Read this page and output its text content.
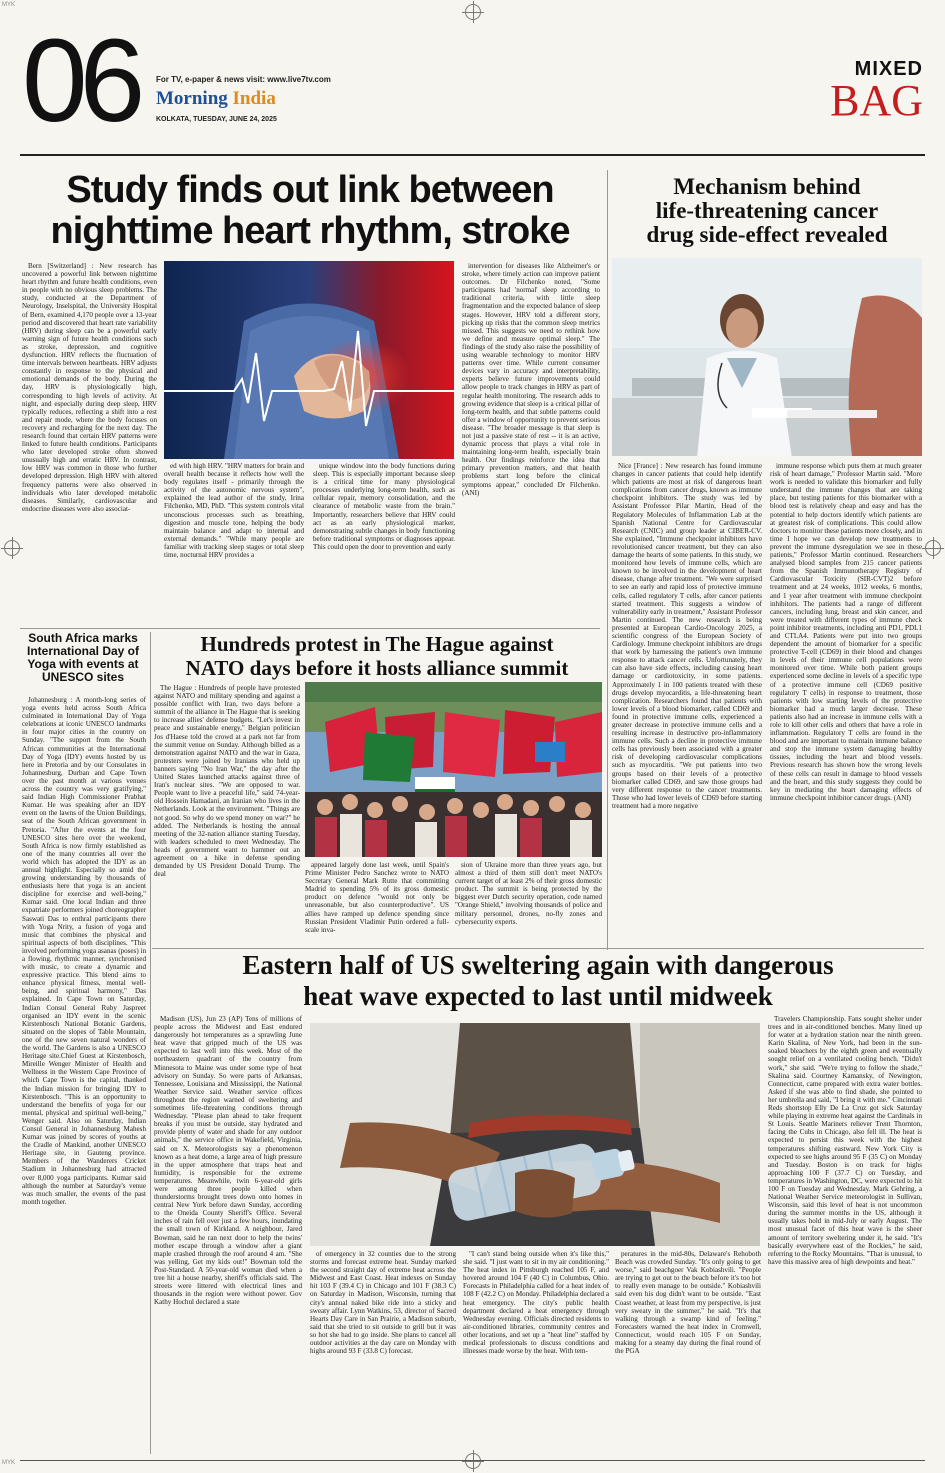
MYK
MYK
06 For TV, e-paper & news visit: www.live7tv.com
Morning India
KOLKATA, TUESDAY, JUNE 24, 2025
MIXED
BAG
Study finds out link between
nighttime heart rhythm, stroke

Bern [Switzerland] : New research has uncovered a powerful link between nighttime heart rhythm and future health conditions, even in people with no obvious sleep problems. The study, conducted at the Department of Neurology, Inselspital, the University Hospital of Bern, examined 4,170 people over a 13-year period and discovered that heart rate variability (HRV) during sleep can be a powerful early warning sign of future health conditions such as stroke, depression, and cognitive dysfunction. HRV reflects the fluctuation of time intervals between heartbeats. HRV adjusts constantly in response to the physical and emotional demands of the body. During the day, HRV is physiologically high, corresponding to high levels of activity. At night, and especially during deep sleep, HRV typically reduces, reflecting a shift into a rest and repair mode, where the body focuses on recovery and recharging for the next day. The research found that certain HRV patterns were linked to future health conditions. Participants who later developed stroke often showed unusually high and erratic HRV. In contrast, low HRV was common in those who further developed depression. High HRV with altered frequency patterns were also observed in individuals who later developed metabolic diseases. Similarly, cardiovascular and endocrine diseases were also associat-

ed with high HRV. "HRV matters for brain and overall health because it reflects how well the body regulates itself - primarily through the activity of the autonomic nervous system", explained the lead author of the study, Irina Filchenko, MD, PhD. "This system controls vital unconscious processes such as breathing, digestion and muscle tone, helping the body maintain balance and adapt to internal and external demands." "While many people are familiar with tracking sleep stages or total sleep time, nocturnal HRV provides a

unique window into the body functions during sleep. This is especially important because sleep is a critical time for many physiological processes underlying long-term health, such as cellular repair, memory consolidation, and the clearance of metabolic waste from the brain." Importantly, researchers believe that HRV could act as an early physiological marker, demonstrating subtle changes in body functioning before traditional symptoms or diagnoses appear. This could open the door to prevention and early

intervention for diseases like Alzheimer's or stroke, where timely action can improve patient outcomes. Dr Filchenko noted, "Some participants had 'normal' sleep according to traditional criteria, with little sleep fragmentation and the expected balance of sleep stages. However, HRV told a different story, picking up risks that the common sleep metrics missed. This suggests we need to rethink how we define and measure optimal sleep." The findings of the study also raise the possibility of using wearable technology to monitor HRV patterns over time. While current consumer devices vary in accuracy and interpretability, experts believe future improvements could allow people to track changes in HRV as part of regular health monitoring. The research adds to growing evidence that sleep is a critical pillar of long-term health, and that subtle patterns could offer a window of opportunity to prevent serious disease. "The broader message is that sleep is not just a passive state of rest -- it is an active, dynamic process that plays a vital role in maintaining long-term health, especially brain health. Our findings reinforce the idea that primary prevention matters, and that health problems start long before the clinical symptoms appear," concluded Dr Filchenko.(ANI)

Mechanism behind
life-threatening cancer
drug side-effect revealed

Nice [France] : New research has found immune changes in cancer patients that could help identify which patients are most at risk of dangerous heart complications from cancer drugs, known as immune checkpoint inhibitors. The study was led by Assistant Professor Pilar Martin, Head of the Regulatory Molecules of Inflammation Lab at the Spanish National Centre for Cardiovascular Research (CNIC) and group leader at CIBER-CV. She explained, "Immune checkpoint inhibitors have revolutionised cancer treatment, but they can also damage the hearts of some patients. In this study, we monitored how levels of immune cells, which are known to be involved in the development of heart disease, change after treatment. "We were surprised to see an early and rapid loss of protective immune cells, called regulatory T cells, after cancer patients started treatment. This suggests a window of vulnerability early in treatment," Assistant Professor Martin continued. The new research is being presented at European Cardio-Oncology 2025, a scientific congress of the European Society of Cardiology. Immune checkpoint inhibitors are drugs that work by harnessing the patient's own immune response to attack cancer cells. Unfortunately, they can also have side effects, including causing heart damage or cardiotoxicity, in some patients. Approximately 1 in 100 patients treated with these drugs develop myocarditis, a life-threatening heart complication. Researchers found that patients with lower levels of a blood biomarker, called CD69 and found in protective immune cells, experienced a greater decrease in protective immune cells and a resulting increase in destructive pro-inflammatory immune cells. Such a decline in protective immune cells has previously been associated with a greater risk of developing cardiovascular complications such as myocarditis. "We put patients into two groups based on their levels of a protective biomarker called CD69, and saw those groups had very different response to the cancer treatments. Those who had lower levels of CD69 before starting treatment had a more negative

immune response which puts them at much greater risk of heart damage," Professor Martin said. "More work is needed to validate this biomarker and fully understand the immune changes that are taking place, but testing patients for this biomarker with a blood test is relatively cheap and easy and has the potential to help doctors identify which patients are at greatest risk of complications. This could allow doctors to monitor these patients more closely, and in time I hope we can develop new treatments to prevent the immune dysregulation we see in these patients," Professor Martin continued. Researchers analysed blood samples from 215 cancer patients from the Spanish Immunotherapy Registry of Cardiovascular Toxicity (SIR-CVT)2 before treatment and at 24 weeks, 1012 weeks, 6 months, and 1 year after treatment with immune checkpoint inhibitors. The patients had a range of different cancers, including lung, breast and skin cancer, and were treated with different types of immune check point inhibitor treatments, including anti PD1, PDL1 and CTLA4. Patients were put into two groups dependent the amount of biomarker for a specific protective T-cell (CD69) in their blood and changes in levels of their immune cell populations were monitored over time. While both patient groups experienced some decline in levels of a specific type of a protective immune cell (CD69 positive regulatory T cells) in response to treatment, those patients with low starting levels of the protective biomarker had a much larger decrease. These patients also had an increase in immune cells with a role to kill other cells and others that have a role in inflammation. Regulatory T cells are found in the blood and are important to maintain immune balance and stop the immune system damaging healthy tissues, including the heart and blood vessels. Previous research has shown how the wrong levels of these cells can result in damage to blood vessels and the heart, and this study suggests they could be key in mediating the heart damaging effects of immune checkpoint inhibitor cancer drugs. (ANI)

South Africa marks International Day of Yoga with events at UNESCO sites

Johannesburg : A month-long series of yoga events held across South Africa culminated in International Day of Yoga celebrations at iconic UNESCO landmarks in four major cities in the country on Sunday. "The support from the South African communities at the International Day of Yoga (IDY) events hosted by us here in Pretoria and by our Consulates in Johannesburg, Durban and Cape Town over the past month at various venues across the country was very gratifying," said Indian High Commissioner Prabhat Kumar. He was speaking after an IDY event on the lawns of the Union Buildings, seat of the South African government in Pretoria. "After the events at the four UNESCO sites here over the weekend, South Africa is now firmly established as one of the many countries all over the world which has adopted the IDY as an annual highlight. Especially so amid the growing understanding by thousands of enthusiasts here that yoga is an ancient discipline for exercise and well-being," Kumar said. One local Indian and three expatriate performers joined choreographer Saswati Das to enthral participants there with Yoga Nrity, a fusion of yoga and music that combines the physical and spiritual aspects of both disciplines. "This involved performing yoga asanas (poses) in a flowing, rhythmic manner, synchronised with music, to create a dynamic and expressive practice. This blend aims to enhance physical fitness, mental well-being, and spiritual harmony," Das explained. In Cape Town on Saturday, Indian Consul General Ruby Jaspreet organised an IDY event in the scenic Kirstenbosch National Botanic Gardens, situated on the slopes of Table Mountain, one of the new seven natural wonders of the world. The Gardens is also a UNESCO Heritage site.Chief Guest at Kirstenbosch, Mireille Wenger Minister of Health and Wellness in the Western Cape Province of which Cape Town is the capital, thanked the Indian mission for bringing IDY to Kirstenbosch. "This is an opportunity to understand the benefits of yoga for our mental, physical and spiritual well-being," Wenger said. Also on Saturday, Indian Consul General in Johannesburg Mahesh Kumar was joined by scores of youths at the Cradle of Mankind, another UNESCO Heritage site, in Gauteng province. Members of the Wanderers Cricket Stadium in Johannesburg had attracted over 8,000 yoga participants. Kumar said although the number at Saturday's venue was much smaller, the events of the past month together.

Hundreds protest in The Hague against
NATO days before it hosts alliance summit

The Hague : Hundreds of people have protested against NATO and military spending and against a possible conflict with Iran, two days before a summit of the alliance in The Hague that is seeking to increase allies' defense budgets. "Let's invest in peace and sustainable energy," Belgian politician Jos d'Haese told the crowd at a park not far from the summit venue on Sunday. Although billed as a demonstration against NATO and the war in Gaza, protesters were joined by Iranians who held up banners saying "No Iran War," the day after the United States launched attacks against three of Iran's nuclear sites. "We are opposed to war. People want to live a peaceful life," said 74-year-old Hossein Hamadani, an Iranian who lives in the Netherlands. Look at the environment. "Things are not good. So why do we spend money on war?" he added. The Netherlands is hosting the annual meeting of the 32-nation alliance starting Tuesday, with leaders scheduled to meet Wednesday. The heads of government want to hammer out an agreement on a hike in defense spending demanded by US President Donald Trump. The deal

appeared largely done last week, until Spain's Prime Minister Pedro Sanchez wrote to NATO Secretary General Mark Rutte that committing Madrid to spending 5% of its gross domestic product on defence "would not only be unreasonable, but also counterproductive". US allies have ramped up defence spending since Russian President Vladimir Putin ordered a full-scale inva-

sion of Ukraine more than three years ago, but almost a third of them still don't meet NATO's current target of at least 2% of their gross domestic product. The summit is being protected by the biggest ever Dutch security operation, code named "Orange Shield," involving thousands of police and military personnel, drones, no-fly zones and cybersecurity experts.

Eastern half of US sweltering again with dangerous
heat wave expected to last until midweek

Madison (US), Jun 23 (AP) Tens of millions of people across the Midwest and East endured dangerously hot temperatures as a sprawling June heat wave that gripped much of the US was expected to last well into this week. Most of the northeastern quadrant of the country from Minnesota to Maine was under some type of heat advisory on Sunday. So were parts of Arkansas, Tennessee, Louisiana and Mississippi, the National Weather Service said. Weather service offices throughout the region warned of sweltering and sometimes life-threatening conditions through Wednesday. "Please plan ahead to take frequent breaks if you must be outside, stay hydrated and provide plenty of water and shade for any outdoor animals," the service office in Wakefield, Virginia, said on X. Meteorologists say a phenomenon known as a heat dome, a large area of high pressure in the upper atmosphere that traps heat and humidity, is responsible for the extreme temperatures. Meanwhile, twin 6-year-old girls were among three people killed when thunderstorms brought trees down onto homes in central New York before dawn Sunday, according to the Oneida County Sheriff's Office. Several inches of rain fell over just a few hours, inundating the small town of Kirkland. A neighbour, Jared Bowman, said he ran next door to help the twins' mother escape through a window after a giant maple crashed through the roof around 4 am. "She was yelling, Get my kids out!" Bowman told the Post-Standard. A 50-year-old woman died when a tree hit a house nearby, sheriff's officials said. The streets were littered with electrical lines and thousands in the region were without power. Gov Kathy Hochul declared a state

of emergency in 32 counties due to the strong storms and forecast extreme heat. Sunday marked the second straight day of extreme heat across the Midwest and East Coast. Heat indexes on Sunday hit 103 F (39.4 C) in Chicago and 101 F (38.3 C) on Saturday in Madison, Wisconsin, turning that city's annual naked bike ride into a sticky and sweaty affair. Lynn Watkins, 53, director of Sacred Hearts Day Care in San Prairie, a Madison suburb, said that she tried to sit outside to grill but it was so hot she had to go inside. She plans to cancel all outdoor activities at the day care on Monday with highs around 93 F (33.8 C) forecast.

"I can't stand being outside when it's like this," she said. "I just want to sit in my air conditioning." The heat index in Pittsburgh reached 105 F, and hovered around 104 F (40 C) in Columbus, Ohio. Forecasts in Philadelphia called for a heat index of 108 F (42.2 C) on Monday. Philadelphia declared a heat emergency. The city's public health department declared a heat emergency through Wednesday evening. Officials directed residents to air-conditioned libraries, community centres and other locations, and set up a "heat line" staffed by medical professionals to discuss conditions and illnesses made worse by the heat. With tem-

peratures in the mid-80s, Delaware's Rehoboth Beach was crowded Sunday. "It's only going to get worse," said beachgoer Vak Kobiashvili. "People are trying to get out to the beach before it's too hot to really even manage to be outside." Kobiashvili said even his dog didn't want to be outside. "East Coast weather, at least from my perspective, is just very sweaty in the summer," he said. "It's that walking through a swamp kind of feeling." Forecasters warned the heat index in Cromwell, Connecticut, would reach 105 F on Sunday, making for a steamy day during the final round of the PGA

Travelers Championship. Fans sought shelter under trees and in air-conditioned benches. Many lined up for water at a hydration station near the ninth green. Karin Skalina, of New York, had been in the sun-soaked bleachers by the eighth green and eventually sought relief on a ventilated cooling bench. "Didn't work," she said. "We're trying to follow the shade," Skalina said. Courtney Kamansky, of Newington, Connecticut, came prepared with extra water bottles. Asked if she was able to find shade, she pointed to her umbrella and said, "I bring it with me." Cincinnati Reds shortstop Elly De La Cruz got sick Saturday while playing in extreme heat against the Cardinals in St Louis. Seattle Mariners reliever Trent Thornton, facing the Cubs in Chicago, also fell ill. The heat is expected to persist this week with the highest temperatures shifting eastward. New York City is expected to see highs around 95 F (35 C) on Monday and Tuesday. Boston is on track for highs approaching 100 F (37.7 C) on Tuesday, and temperatures in Washington, DC, were expected to hit 100 F on Tuesday and Wednesday. Mark Gehring, a National Weather Service meteorologist in Sullivan, Wisconsin, said this level of heat is not uncommon during the summer months in the US, although it usually takes hold in mid-July or early August. The most unusual facet of this heat wave is the sheer amount of territory sweltering under it, he said. "It's basically everywhere east of the Rockies," he said, referring to the Rocky Mountains. "That is unusual, to have this massive area of high dewpoints and heat."
